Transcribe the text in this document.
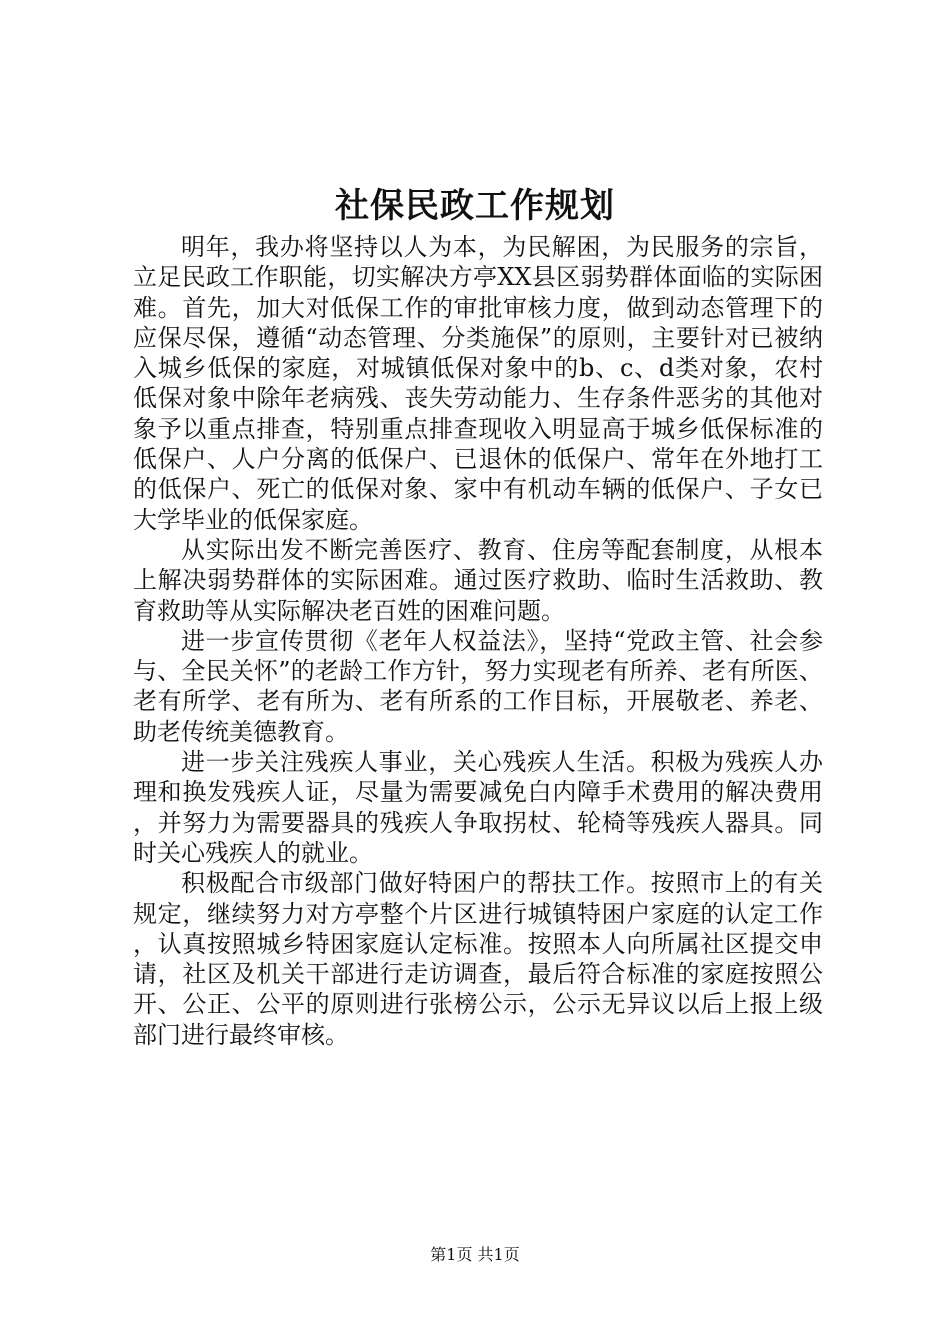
社保民政工作规划

明年，我办将坚持以人为本，为民解困，为民服务的宗旨，立足民政工作职能，切实解决方亭XX县区弱势群体面临的实际困难。首先，加大对低保工作的审批审核力度，做到动态管理下的应保尽保，遵循“动态管理、分类施保”的原则，主要针对已被纳入城乡低保的家庭，对城镇低保对象中的b、c、d类对象，农村低保对象中除年老病残、丧失劳动能力、生存条件恶劣的其他对象予以重点排查，特别重点排查现收入明显高于城乡低保标准的低保户、人户分离的低保户、已退休的低保户、常年在外地打工的低保户、死亡的低保对象、家中有机动车辆的低保户、子女已大学毕业的低保家庭。

从实际出发不断完善医疗、教育、住房等配套制度，从根本上解决弱势群体的实际困难。通过医疗救助、临时生活救助、教育救助等从实际解决老百姓的困难问题。

进一步宣传贯彻《老年人权益法》，坚持“党政主管、社会参与、全民关怀”的老龄工作方针，努力实现老有所养、老有所医、老有所学、老有所为、老有所系的工作目标，开展敬老、养老、助老传统美德教育。

进一步关注残疾人事业，关心残疾人生活。积极为残疾人办理和换发残疾人证，尽量为需要减免白内障手术费用的解决费用，并努力为需要器具的残疾人争取拐杖、轮椅等残疾人器具。同时关心残疾人的就业。

积极配合市级部门做好特困户的帮扶工作。按照市上的有关规定，继续努力对方亭整个片区进行城镇特困户家庭的认定工作，认真按照城乡特困家庭认定标准。按照本人向所属社区提交申请，社区及机关干部进行走访调查，最后符合标准的家庭按照公开、公正、公平的原则进行张榜公示，公示无异议以后上报上级部门进行最终审核。

第1页 共1页
